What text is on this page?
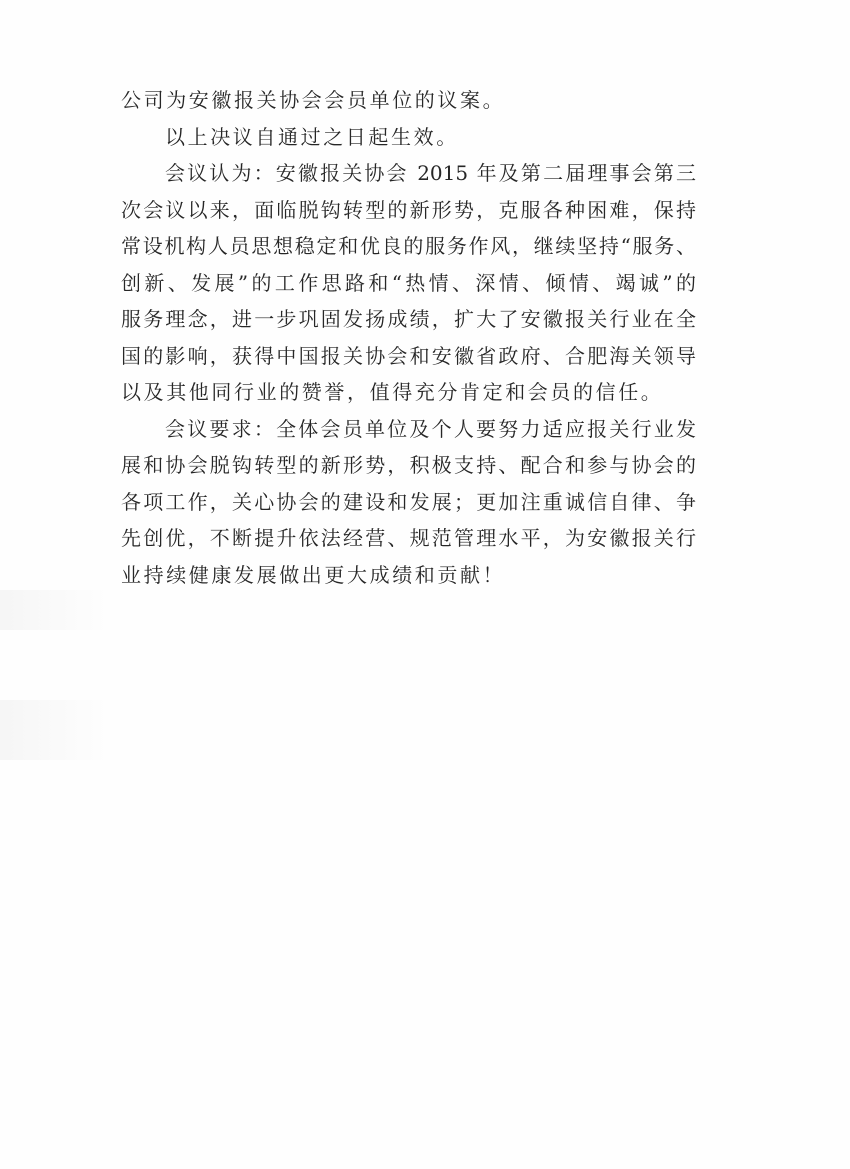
公司为安徽报关协会会员单位的议案。
以上决议自通过之日起生效。
会议认为：安徽报关协会 2015 年及第二届理事会第三
次会议以来，面临脱钩转型的新形势，克服各种困难，保持
常设机构人员思想稳定和优良的服务作风，继续坚持“服务、
创新、发展”的工作思路和“热情、深情、倾情、竭诚”的
服务理念，进一步巩固发扬成绩，扩大了安徽报关行业在全
国的影响，获得中国报关协会和安徽省政府、合肥海关领导
以及其他同行业的赞誉，值得充分肯定和会员的信任。
会议要求：全体会员单位及个人要努力适应报关行业发
展和协会脱钩转型的新形势，积极支持、配合和参与协会的
各项工作，关心协会的建设和发展；更加注重诚信自律、争
先创优，不断提升依法经营、规范管理水平，为安徽报关行
业持续健康发展做出更大成绩和贡献！
